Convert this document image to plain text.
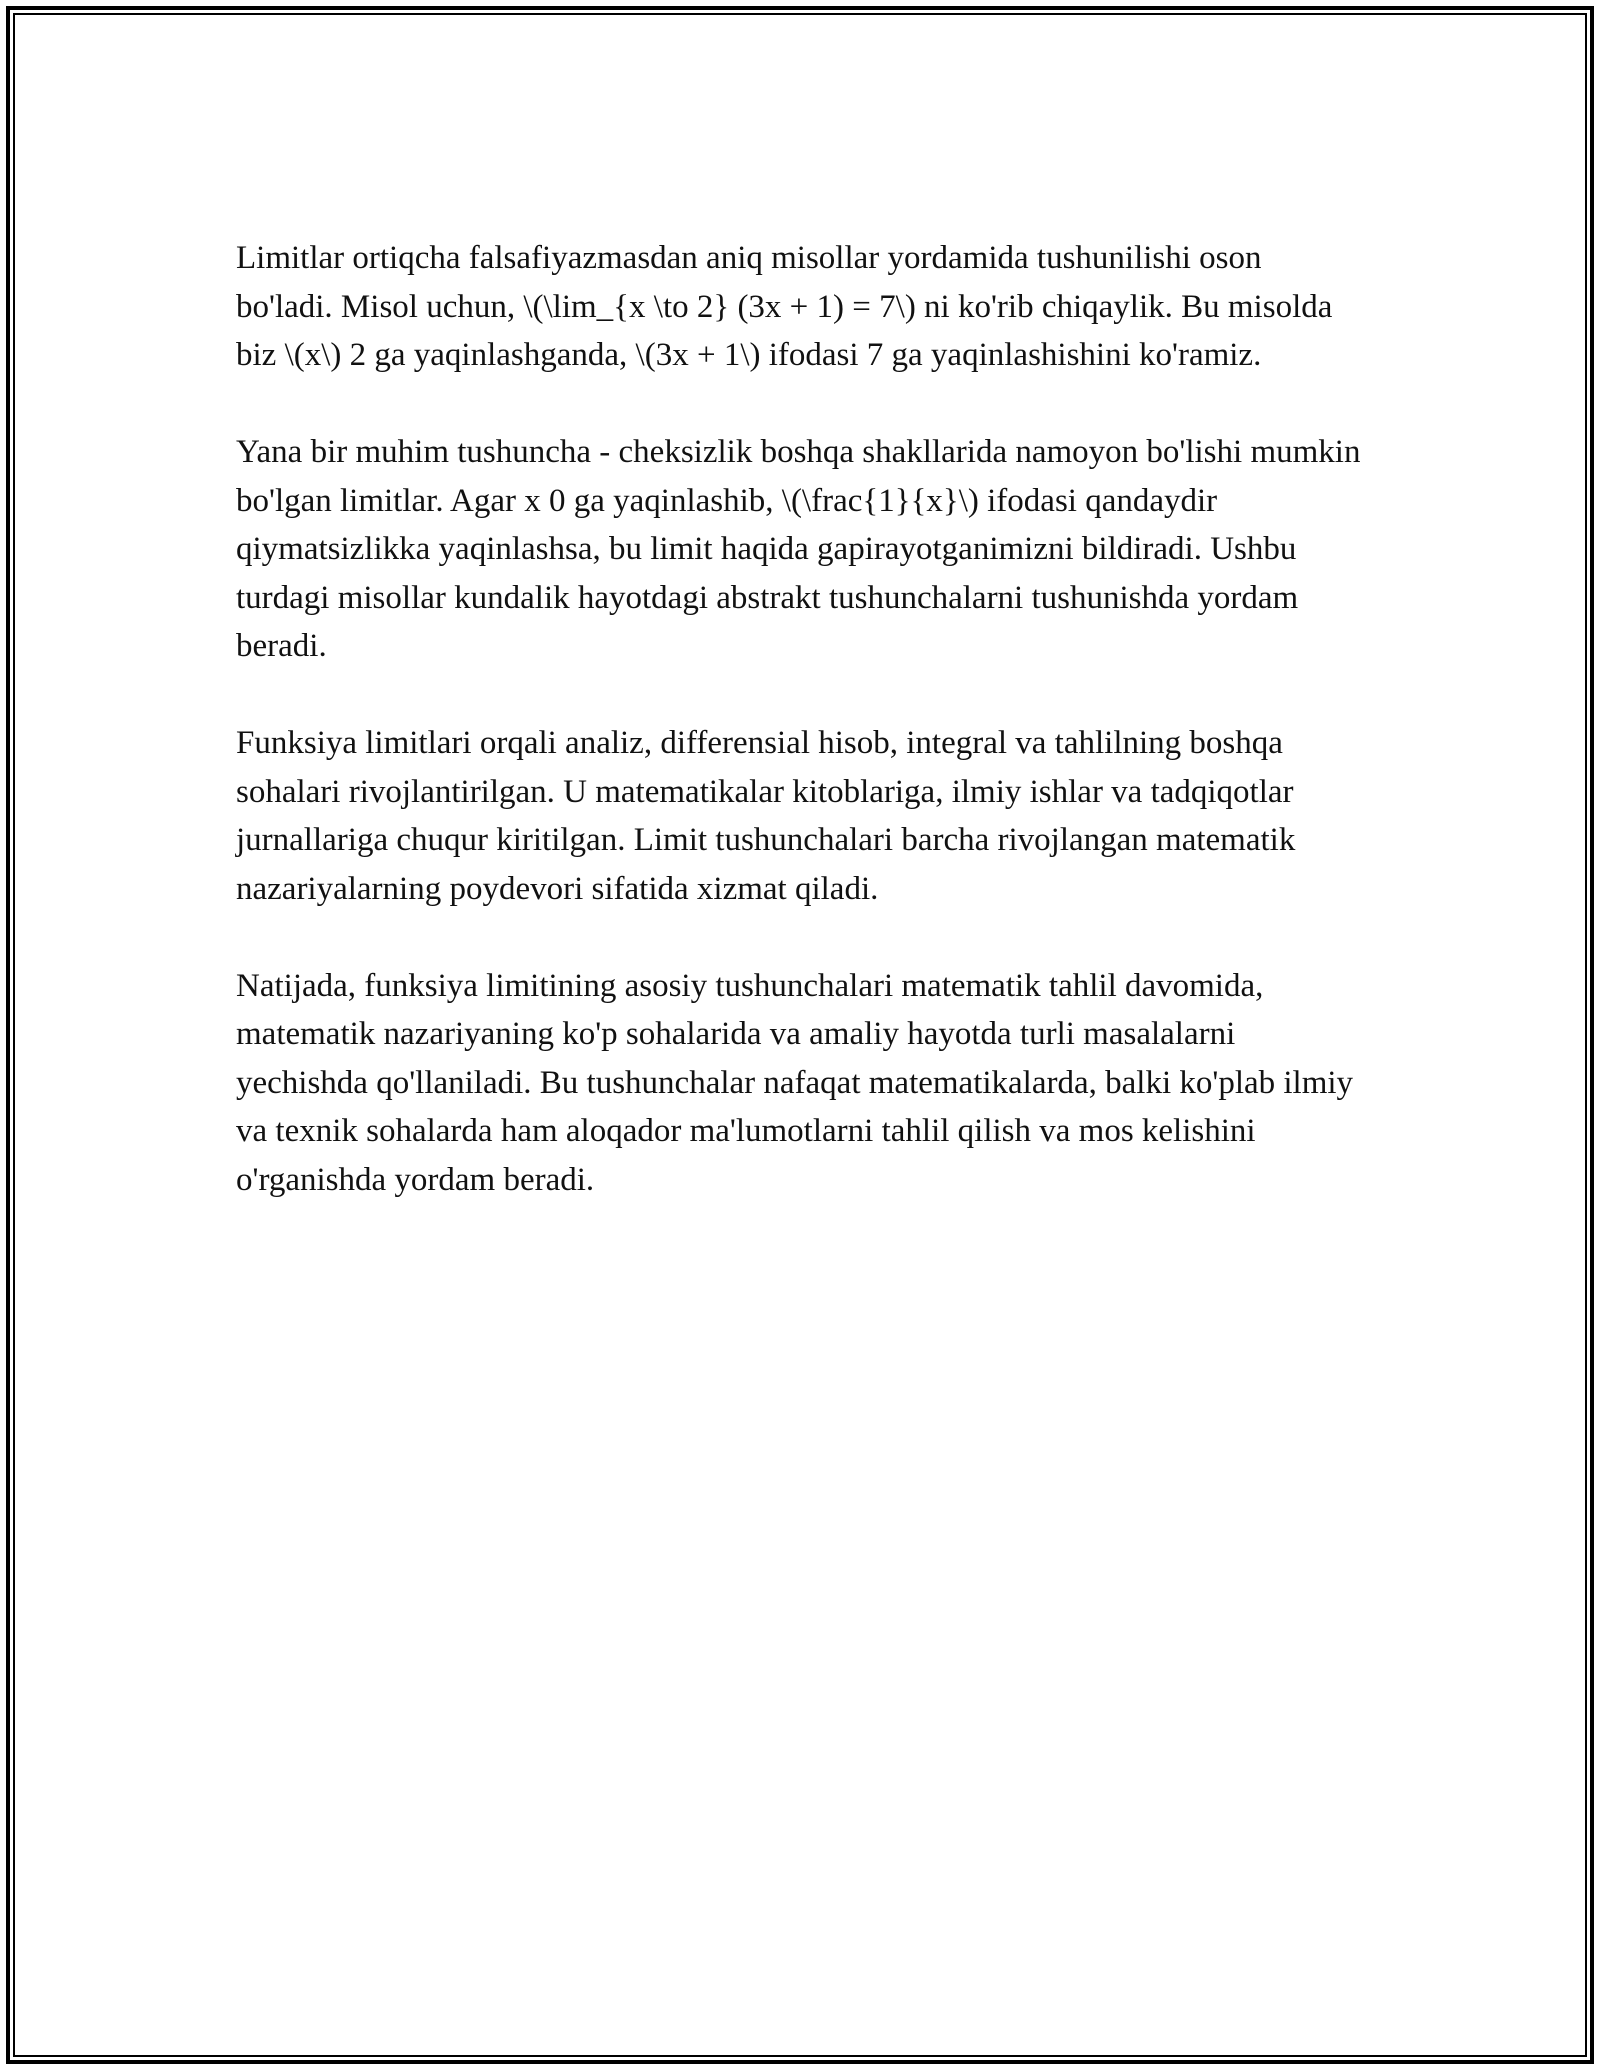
Limitlar ortiqcha falsafiyazmasdan aniq misollar yordamida tushunilishi oson bo'ladi. Misol uchun, \(\lim_{x \to 2} (3x + 1) = 7\) ni ko'rib chiqaylik. Bu misolda biz \(x\) 2 ga yaqinlashganda, \(3x + 1\) ifodasi 7 ga yaqinlashishini ko'ramiz.

Yana bir muhim tushuncha - cheksizlik boshqa shakllarida namoyon bo'lishi mumkin bo'lgan limitlar. Agar x 0 ga yaqinlashib, \(\frac{1}{x}\) ifodasi qandaydir qiymatsizlikka yaqinlashsa, bu limit haqida gapirayotganimizni bildiradi. Ushbu turdagi misollar kundalik hayotdagi abstrakt tushunchalarni tushunishda yordam beradi.

Funksiya limitlari orqali analiz, differensial hisob, integral va tahlilning boshqa sohalari rivojlantirilgan. U matematikalar kitoblariga, ilmiy ishlar va tadqiqotlar jurnallariga chuqur kiritilgan. Limit tushunchalari barcha rivojlangan matematik nazariyalarning poydevori sifatida xizmat qiladi.

Natijada, funksiya limitining asosiy tushunchalari matematik tahlil davomida, matematik nazariyaning ko'p sohalarida va amaliy hayotda turli masalalarni yechishda qo'llaniladi. Bu tushunchalar nafaqat matematikalarda, balki ko'plab ilmiy va texnik sohalarda ham aloqador ma'lumotlarni tahlil qilish va mos kelishini o'rganishda yordam beradi.
